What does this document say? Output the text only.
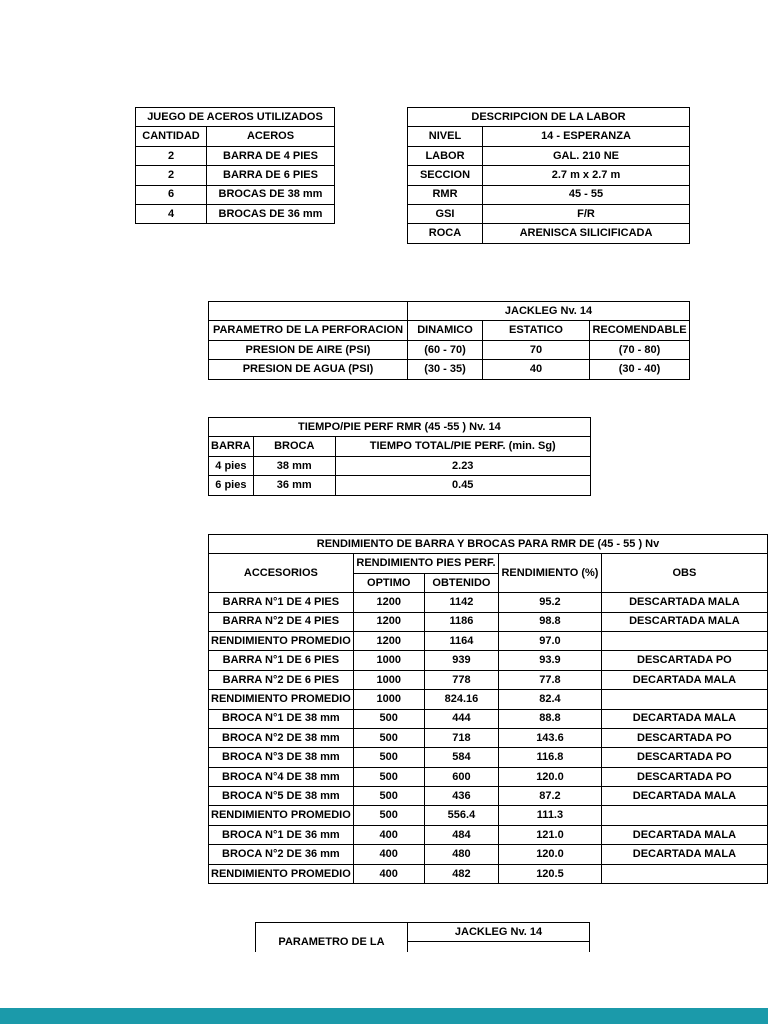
JUEGO DE ACEROS UTILIZADOS	
CANTIDAD	ACEROS
2	BARRA DE 4 PIES
2	BARRA DE 6 PIES
6	BROCAS DE 38 mm
4	BROCAS DE 36 mm
DESCRIPCION DE LA LABOR	
NIVEL	14 - ESPERANZA
LABOR	GAL. 210 NE
SECCION	2.7 m x 2.7 m
RMR	45 - 55
GSI	F/R
ROCA	ARENISCA SILICIFICADA
	JACKLEG Nv. 14		
PARAMETRO DE LA PERFORACION	DINAMICO	ESTATICO	RECOMENDABLE
PRESION DE AIRE (PSI)	(60 - 70)	70	(70 - 80)
PRESION DE AGUA (PSI)	(30 - 35)	40	(30 - 40)
TIEMPO/PIE PERF RMR (45 -55 ) Nv. 14		
BARRA	BROCA	TIEMPO TOTAL/PIE PERF. (min. Sg)
4 pies	38 mm	2.23
6 pies	36 mm	0.45
RENDIMIENTO DE BARRA Y BROCAS PARA RMR DE (45 - 55 ) Nv				
ACCESORIOS	RENDIMIENTO PIES PERF.		RENDIMIENTO (%)	OBS
	OPTIMO	OBTENIDO		
BARRA N°1 DE 4 PIES	1200	1142	95.2	DESCARTADA MALA
BARRA N°2 DE 4 PIES	1200	1186	98.8	DESCARTADA MALA
RENDIMIENTO PROMEDIO	1200	1164	97.0	
BARRA N°1 DE 6 PIES	1000	939	93.9	DESCARTADA PO
BARRA N°2 DE 6 PIES	1000	778	77.8	DECARTADA MALA
RENDIMIENTO PROMEDIO	1000	824.16	82.4	
BROCA N°1 DE 38 mm	500	444	88.8	DECARTADA MALA
BROCA N°2 DE 38 mm	500	718	143.6	DESCARTADA PO
BROCA N°3 DE 38 mm	500	584	116.8	DESCARTADA PO
BROCA N°4 DE 38 mm	500	600	120.0	DESCARTADA PO
BROCA N°5 DE 38 mm	500	436	87.2	DECARTADA MALA
RENDIMIENTO PROMEDIO	500	556.4	111.3	
BROCA N°1 DE 36 mm	400	484	121.0	DECARTADA MALA
BROCA N°2 DE 36 mm	400	480	120.0	DECARTADA MALA
RENDIMIENTO PROMEDIO	400	482	120.5	
PARAMETRO DE LA	JACKLEG Nv. 14
